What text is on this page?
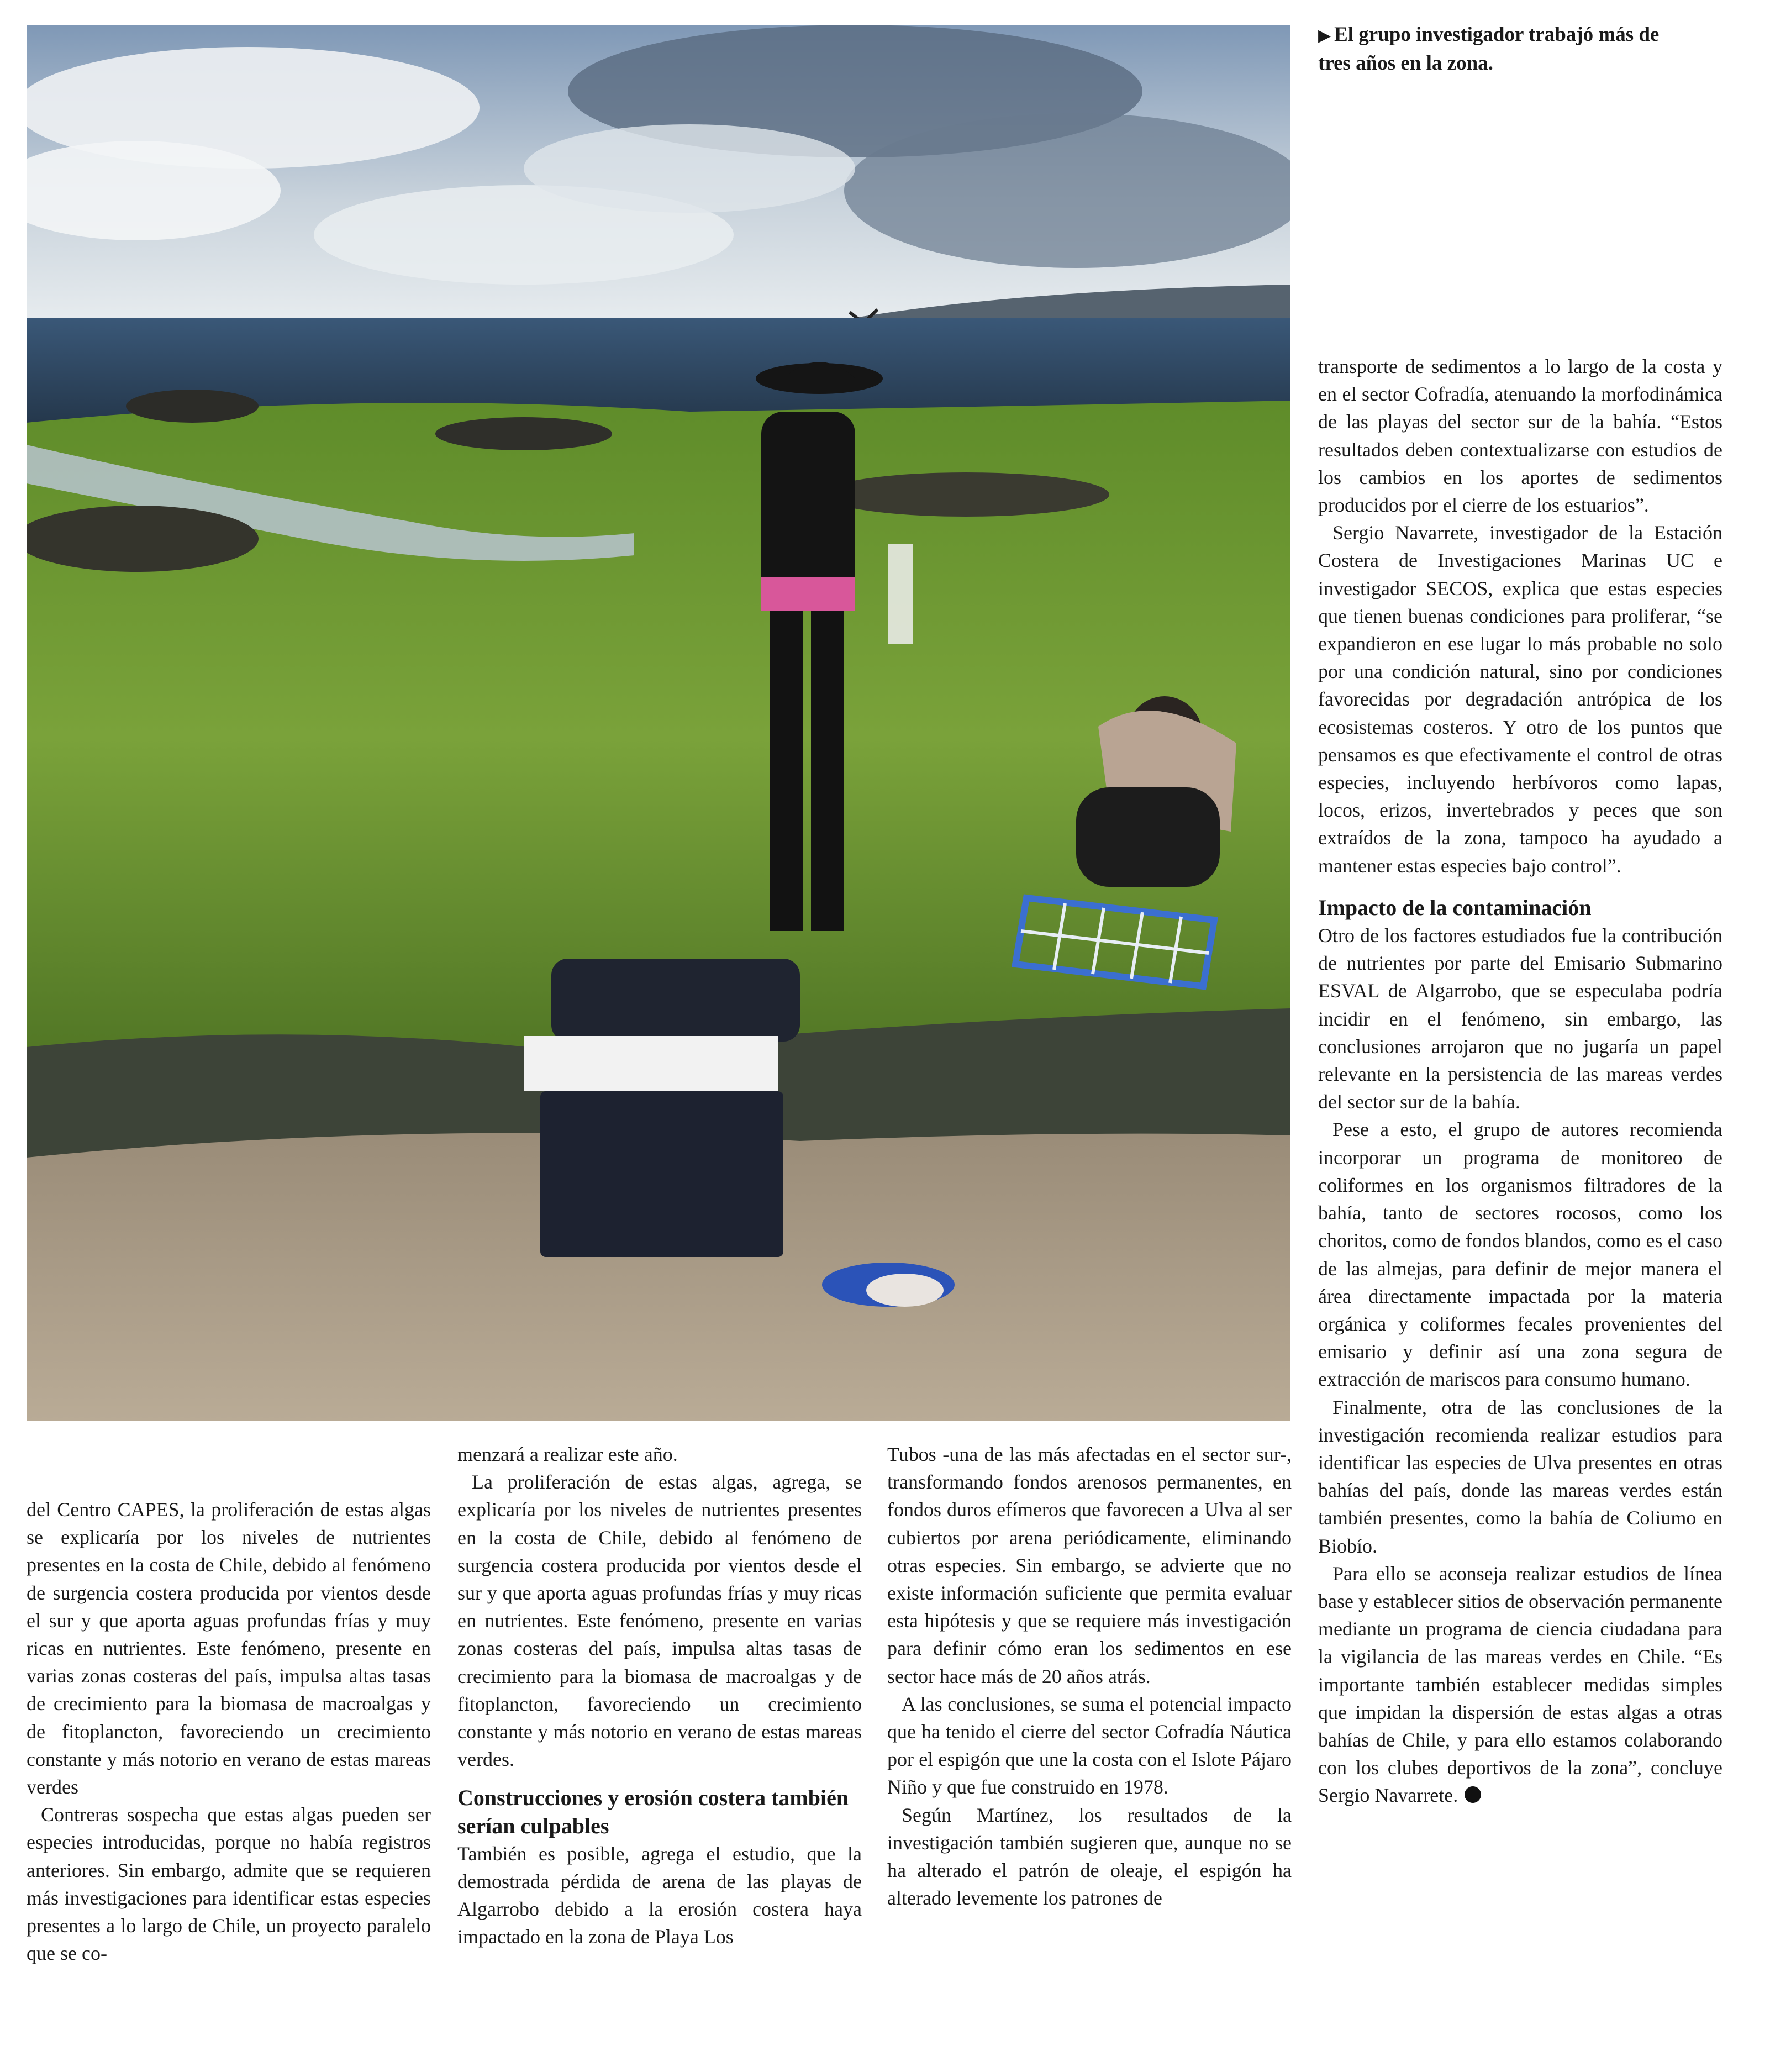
▶ El grupo investigador trabajó más de tres años en la zona.

del Centro CAPES, la proliferación de estas algas se explicaría por los niveles de nutrientes presentes en la costa de Chile, debido al fenómeno de surgencia costera producida por vientos desde el sur y que aporta aguas profundas frías y muy ricas en nutrientes. Este fenómeno, presente en varias zonas costeras del país, impulsa altas tasas de crecimiento para la biomasa de macroalgas y de fitoplancton, favoreciendo un crecimiento constante y más notorio en verano de estas mareas verdes

Contreras sospecha que estas algas pueden ser especies introducidas, porque no había registros anteriores. Sin embargo, admite que se requieren más investigaciones para identificar estas especies presentes a lo largo de Chile, un proyecto paralelo que se co-

menzará a realizar este año.

La proliferación de estas algas, agrega, se explicaría por los niveles de nutrientes presentes en la costa de Chile, debido al fenómeno de surgencia costera producida por vientos desde el sur y que aporta aguas profundas frías y muy ricas en nutrientes. Este fenómeno, presente en varias zonas costeras del país, impulsa altas tasas de crecimiento para la biomasa de macroalgas y de fitoplancton, favoreciendo un crecimiento constante y más notorio en verano de estas mareas verdes.

Construcciones y erosión costera también serían culpables

También es posible, agrega el estudio, que la demostrada pérdida de arena de las playas de Algarrobo debido a la erosión costera haya impactado en la zona de Playa Los

Tubos -una de las más afectadas en el sector sur-, transformando fondos arenosos permanentes, en fondos duros efímeros que favorecen a Ulva al ser cubiertos por arena periódicamente, eliminando otras especies. Sin embargo, se advierte que no existe información suficiente que permita evaluar esta hipótesis y que se requiere más investigación para definir cómo eran los sedimentos en ese sector hace más de 20 años atrás.

A las conclusiones, se suma el potencial impacto que ha tenido el cierre del sector Cofradía Náutica por el espigón que une la costa con el Islote Pájaro Niño y que fue construido en 1978.

Según Martínez, los resultados de la investigación también sugieren que, aunque no se ha alterado el patrón de oleaje, el espigón ha alterado levemente los patrones de

transporte de sedimentos a lo largo de la costa y en el sector Cofradía, atenuando la morfodinámica de las playas del sector sur de la bahía. “Estos resultados deben contextualizarse con estudios de los cambios en los aportes de sedimentos producidos por el cierre de los estuarios”.

Sergio Navarrete, investigador de la Estación Costera de Investigaciones Marinas UC e investigador SECOS, explica que estas especies que tienen buenas condiciones para proliferar, “se expandieron en ese lugar lo más probable no solo por una condición natural, sino por condiciones favorecidas por degradación antrópica de los ecosistemas costeros. Y otro de los puntos que pensamos es que efectivamente el control de otras especies, incluyendo herbívoros como lapas, locos, erizos, invertebrados y peces que son extraídos de la zona, tampoco ha ayudado a mantener estas especies bajo control”.

Impacto de la contaminación

Otro de los factores estudiados fue la contribución de nutrientes por parte del Emisario Submarino ESVAL de Algarrobo, que se especulaba podría incidir en el fenómeno, sin embargo, las conclusiones arrojaron que no jugaría un papel relevante en la persistencia de las mareas verdes del sector sur de la bahía.

Pese a esto, el grupo de autores recomienda incorporar un programa de monitoreo de coliformes en los organismos filtradores de la bahía, tanto de sectores rocosos, como los choritos, como de fondos blandos, como es el caso de las almejas, para definir de mejor manera el área directamente impactada por la materia orgánica y coliformes fecales provenientes del emisario y definir así una zona segura de extracción de mariscos para consumo humano.

Finalmente, otra de las conclusiones de la investigación recomienda realizar estudios para identificar las especies de Ulva presentes en otras bahías del país, donde las mareas verdes están también presentes, como la bahía de Coliumo en Biobío.

Para ello se aconseja realizar estudios de línea base y establecer sitios de observación permanente mediante un programa de ciencia ciudadana para la vigilancia de las mareas verdes en Chile. “Es importante también establecer medidas simples que impidan la dispersión de estas algas a otras bahías de Chile, y para ello estamos colaborando con los clubes deportivos de la zona”, concluye Sergio Navarrete.
